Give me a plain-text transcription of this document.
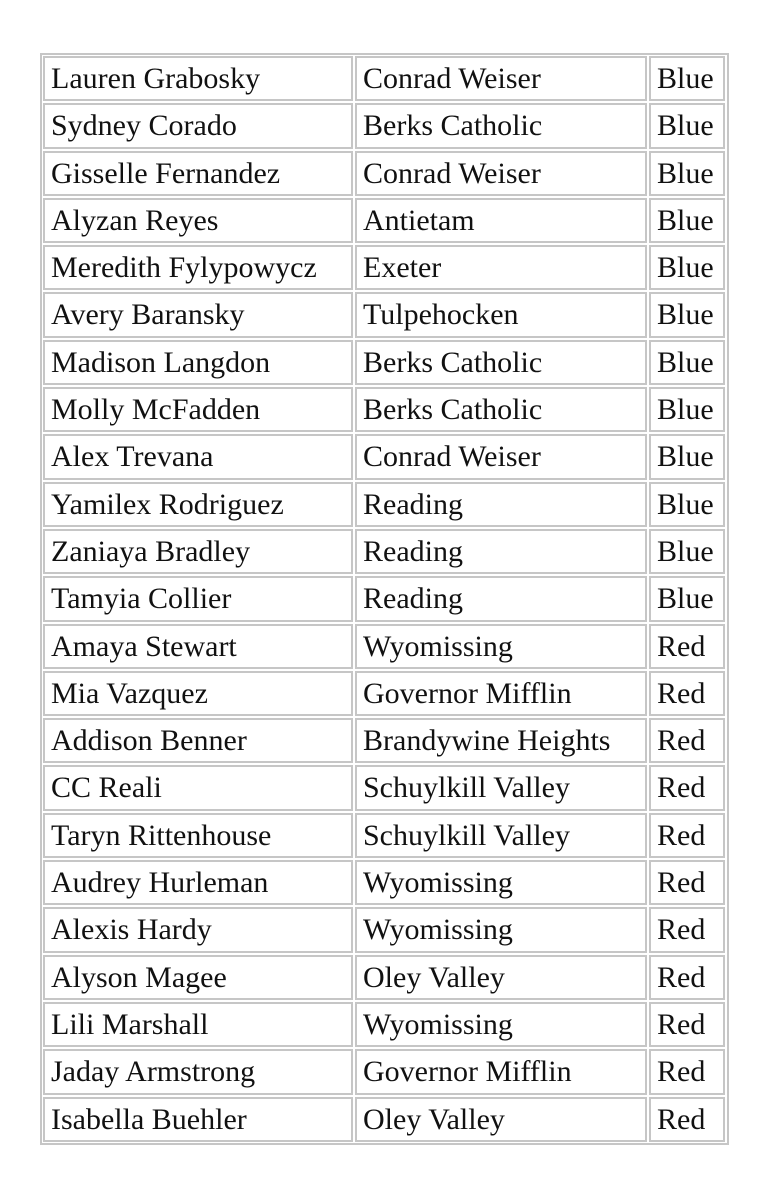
Lauren Grabosky	Conrad Weiser	Blue
Sydney Corado	Berks Catholic	Blue
Gisselle Fernandez	Conrad Weiser	Blue
Alyzan Reyes	Antietam	Blue
Meredith Fylypowycz	Exeter	Blue
Avery Baransky	Tulpehocken	Blue
Madison Langdon	Berks Catholic	Blue
Molly McFadden	Berks Catholic	Blue
Alex Trevana	Conrad Weiser	Blue
Yamilex Rodriguez	Reading	Blue
Zaniaya Bradley	Reading	Blue
Tamyia Collier	Reading	Blue
Amaya Stewart	Wyomissing	Red
Mia Vazquez	Governor Mifflin	Red
Addison Benner	Brandywine Heights	Red
CC Reali	Schuylkill Valley	Red
Taryn Rittenhouse	Schuylkill Valley	Red
Audrey Hurleman	Wyomissing	Red
Alexis Hardy	Wyomissing	Red
Alyson Magee	Oley Valley	Red
Lili Marshall	Wyomissing	Red
Jaday Armstrong	Governor Mifflin	Red
Isabella Buehler	Oley Valley	Red
